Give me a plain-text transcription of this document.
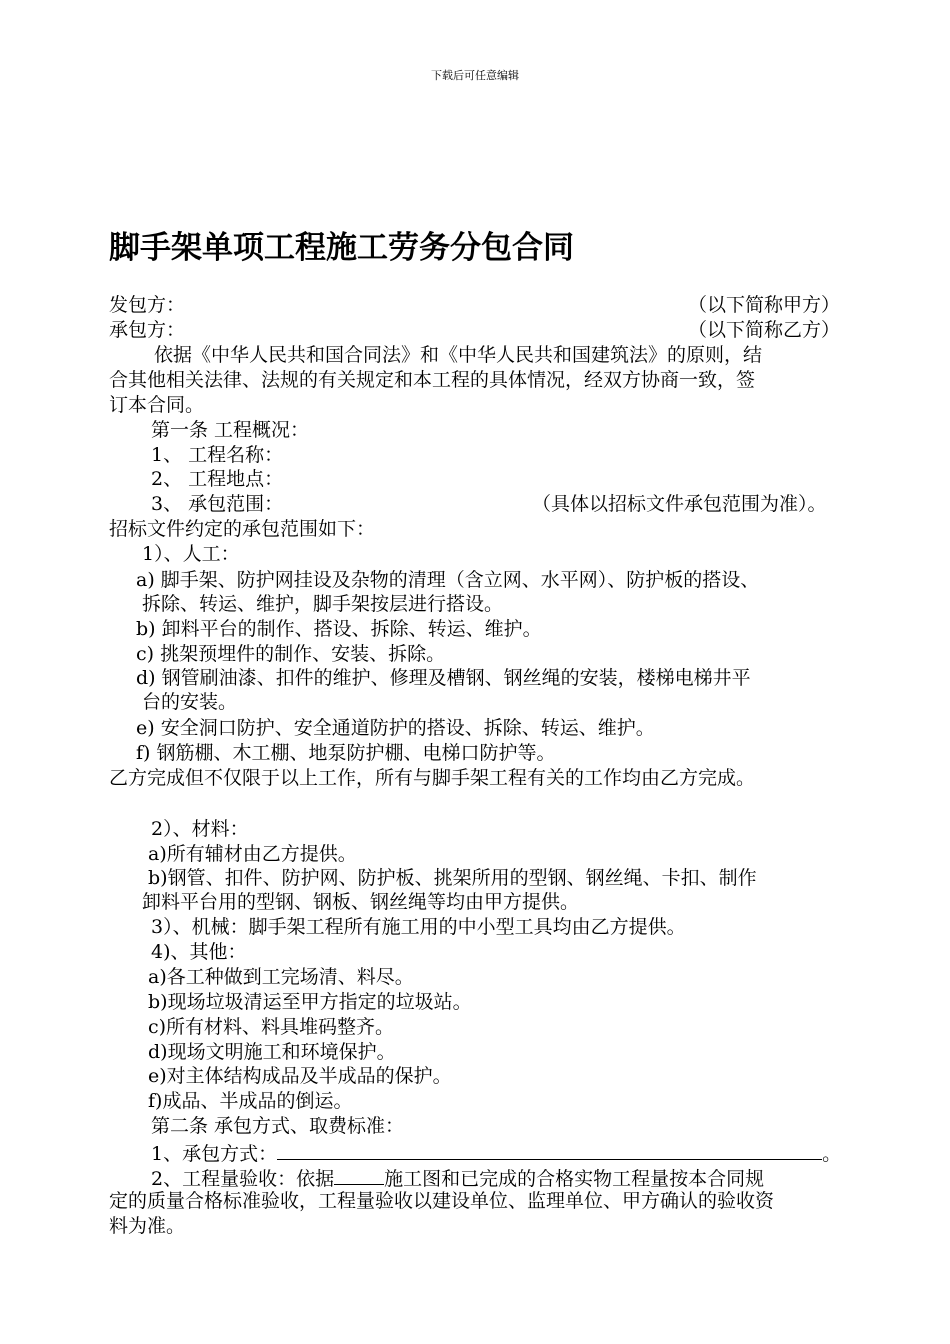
下载后可任意编辑
脚手架单项工程施工劳务分包合同
发包方：	（以下简称甲方）
承包方：	（以下简称乙方）
依据《中华人民共和国合同法》和《中华人民共和国建筑法》的原则，结
合其他相关法律、法规的有关规定和本工程的具体情况，经双方协商一致，签
订本合同。
第一条 工程概况：
1、 工程名称：
2、 工程地点：
3、 承包范围：	（具体以招标文件承包范围为准）。
招标文件约定的承包范围如下：
1）、人工：
a) 脚手架、防护网挂设及杂物的清理（含立网、水平网）、防护板的搭设、
拆除、转运、维护，脚手架按层进行搭设。
b) 卸料平台的制作、搭设、拆除、转运、维护。
c) 挑架预埋件的制作、安装、拆除。
d) 钢管刷油漆、扣件的维护、修理及槽钢、钢丝绳的安装，楼梯电梯井平
台的安装。
e) 安全洞口防护、安全通道防护的搭设、拆除、转运、维护。
f) 钢筋棚、木工棚、地泵防护棚、电梯口防护等。
乙方完成但不仅限于以上工作，所有与脚手架工程有关的工作均由乙方完成。
2）、材料：
a)所有辅材由乙方提供。
b)钢管、扣件、防护网、防护板、挑架所用的型钢、钢丝绳、卡扣、制作
卸料平台用的型钢、钢板、钢丝绳等均由甲方提供。
3）、机械：脚手架工程所有施工用的中小型工具均由乙方提供。
4)、其他：
a)各工种做到工完场清、料尽。
b)现场垃圾清运至甲方指定的垃圾站。
c)所有材料、料具堆码整齐。
d)现场文明施工和环境保护。
e)对主体结构成品及半成品的保护。
f)成品、半成品的倒运。
第二条 承包方式、取费标准：
1、承包方式：	。
2、工程量验收：依据	施工图和已完成的合格实物工程量按本合同规
定的质量合格标准验收，工程量验收以建设单位、监理单位、甲方确认的验收资
料为准。
